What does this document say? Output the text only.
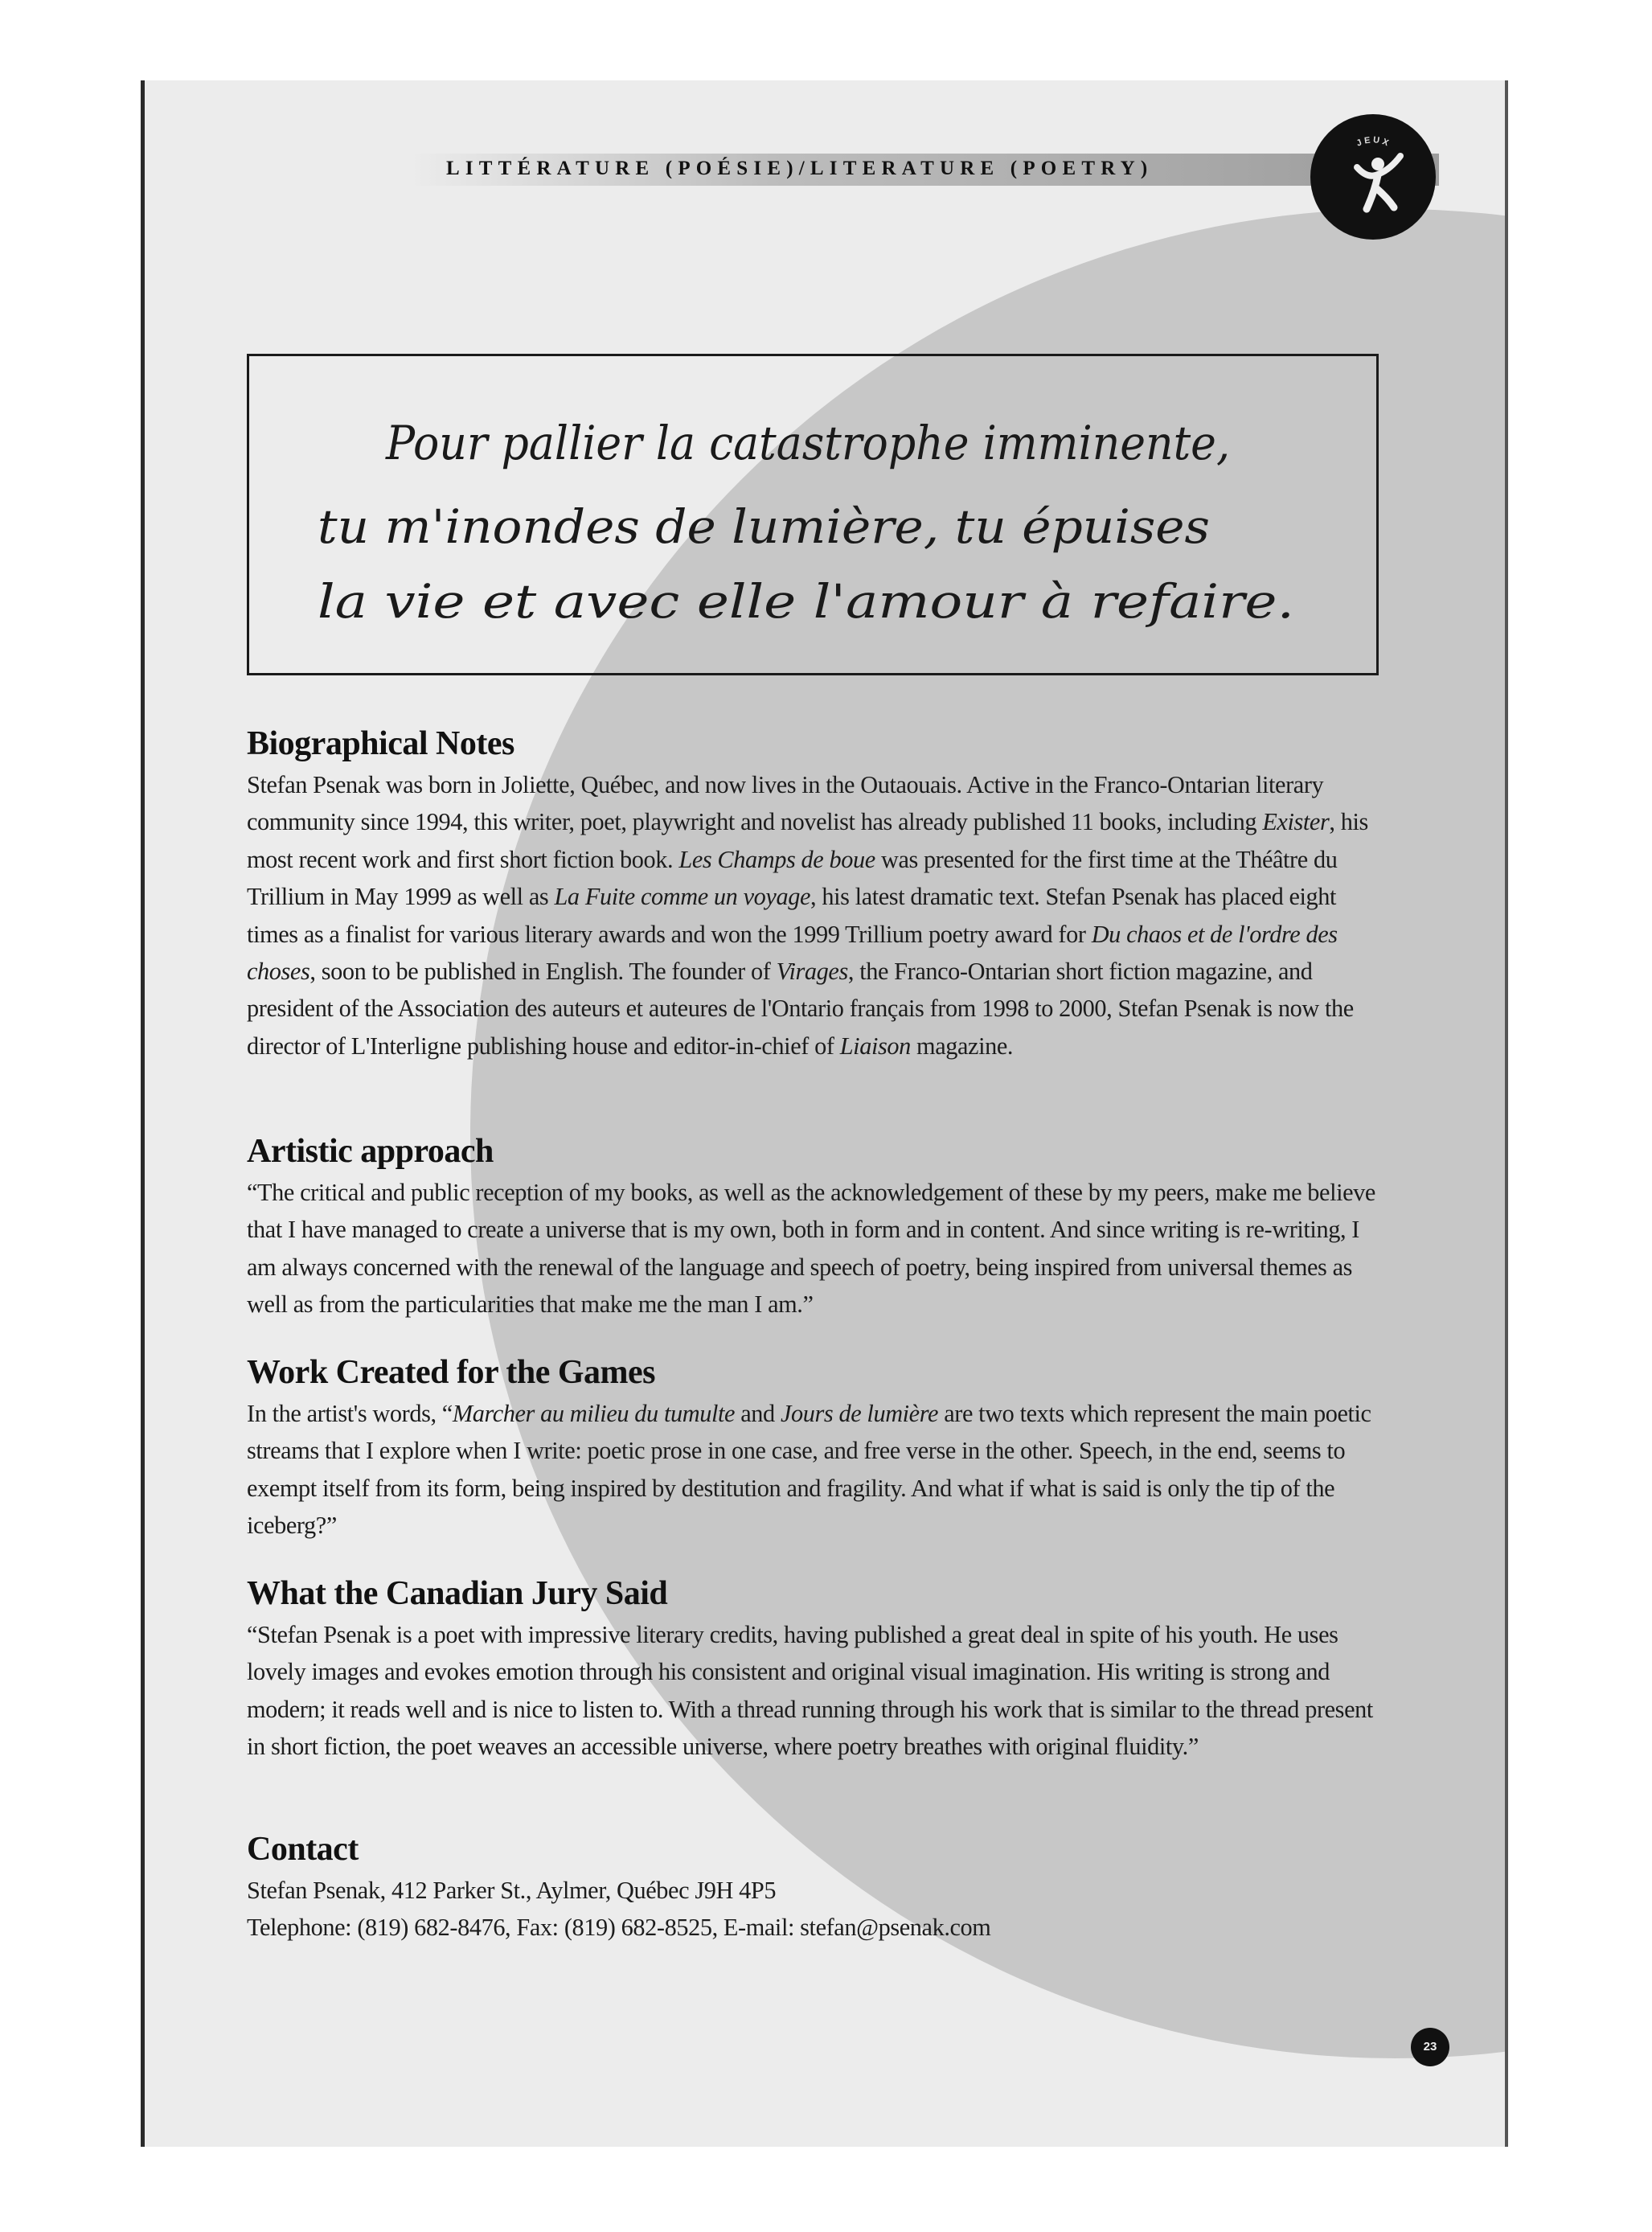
LITTÉRATURE (POÉSIE)/LITERATURE (POETRY)
JEUX
Pour pallier la catastrophe imminente,
tu m'inondes de lumière, tu épuises
la vie et avec elle l'amour à refaire.
Biographical Notes

Stefan Psenak was born in Joliette, Québec, and now lives in the Outaouais. Active in the Franco-Ontarian literary community since 1994, this writer, poet, playwright and novelist has already published 11 books, including Exister, his most recent work and first short fiction book. Les Champs de boue was presented for the first time at the Théâtre du Trillium in May 1999 as well as La Fuite comme un voyage, his latest dramatic text. Stefan Psenak has placed eight times as a finalist for various literary awards and won the 1999 Trillium poetry award for Du chaos et de l'ordre des choses, soon to be published in English. The founder of Virages, the Franco-Ontarian short fiction magazine, and president of the Association des auteurs et auteures de l'Ontario français from 1998 to 2000, Stefan Psenak is now the director of L'Interligne publishing house and editor-in-chief of Liaison magazine.

Artistic approach

“The critical and public reception of my books, as well as the acknowledgement of these by my peers, make me believe that I have managed to create a universe that is my own, both in form and in content. And since writing is re-writing, I am always concerned with the renewal of the language and speech of poetry, being inspired from universal themes as well as from the particularities that make me the man I am.”

Work Created for the Games

In the artist's words, “Marcher au milieu du tumulte and Jours de lumière are two texts which represent the main poetic streams that I explore when I write: poetic prose in one case, and free verse in the other. Speech, in the end, seems to exempt itself from its form, being inspired by destitution and fragility. And what if what is said is only the tip of the iceberg?”

What the Canadian Jury Said

“Stefan Psenak is a poet with impressive literary credits, having published a great deal in spite of his youth. He uses lovely images and evokes emotion through his consistent and original visual imagination. His writing is strong and modern; it reads well and is nice to listen to. With a thread running through his work that is similar to the thread present in short fiction, the poet weaves an accessible universe, where poetry breathes with original fluidity.”

Contact

Stefan Psenak, 412 Parker St., Aylmer, Québec J9H 4P5

Telephone: (819) 682-8476, Fax: (819) 682-8525, E-mail: stefan@psenak.com

23
